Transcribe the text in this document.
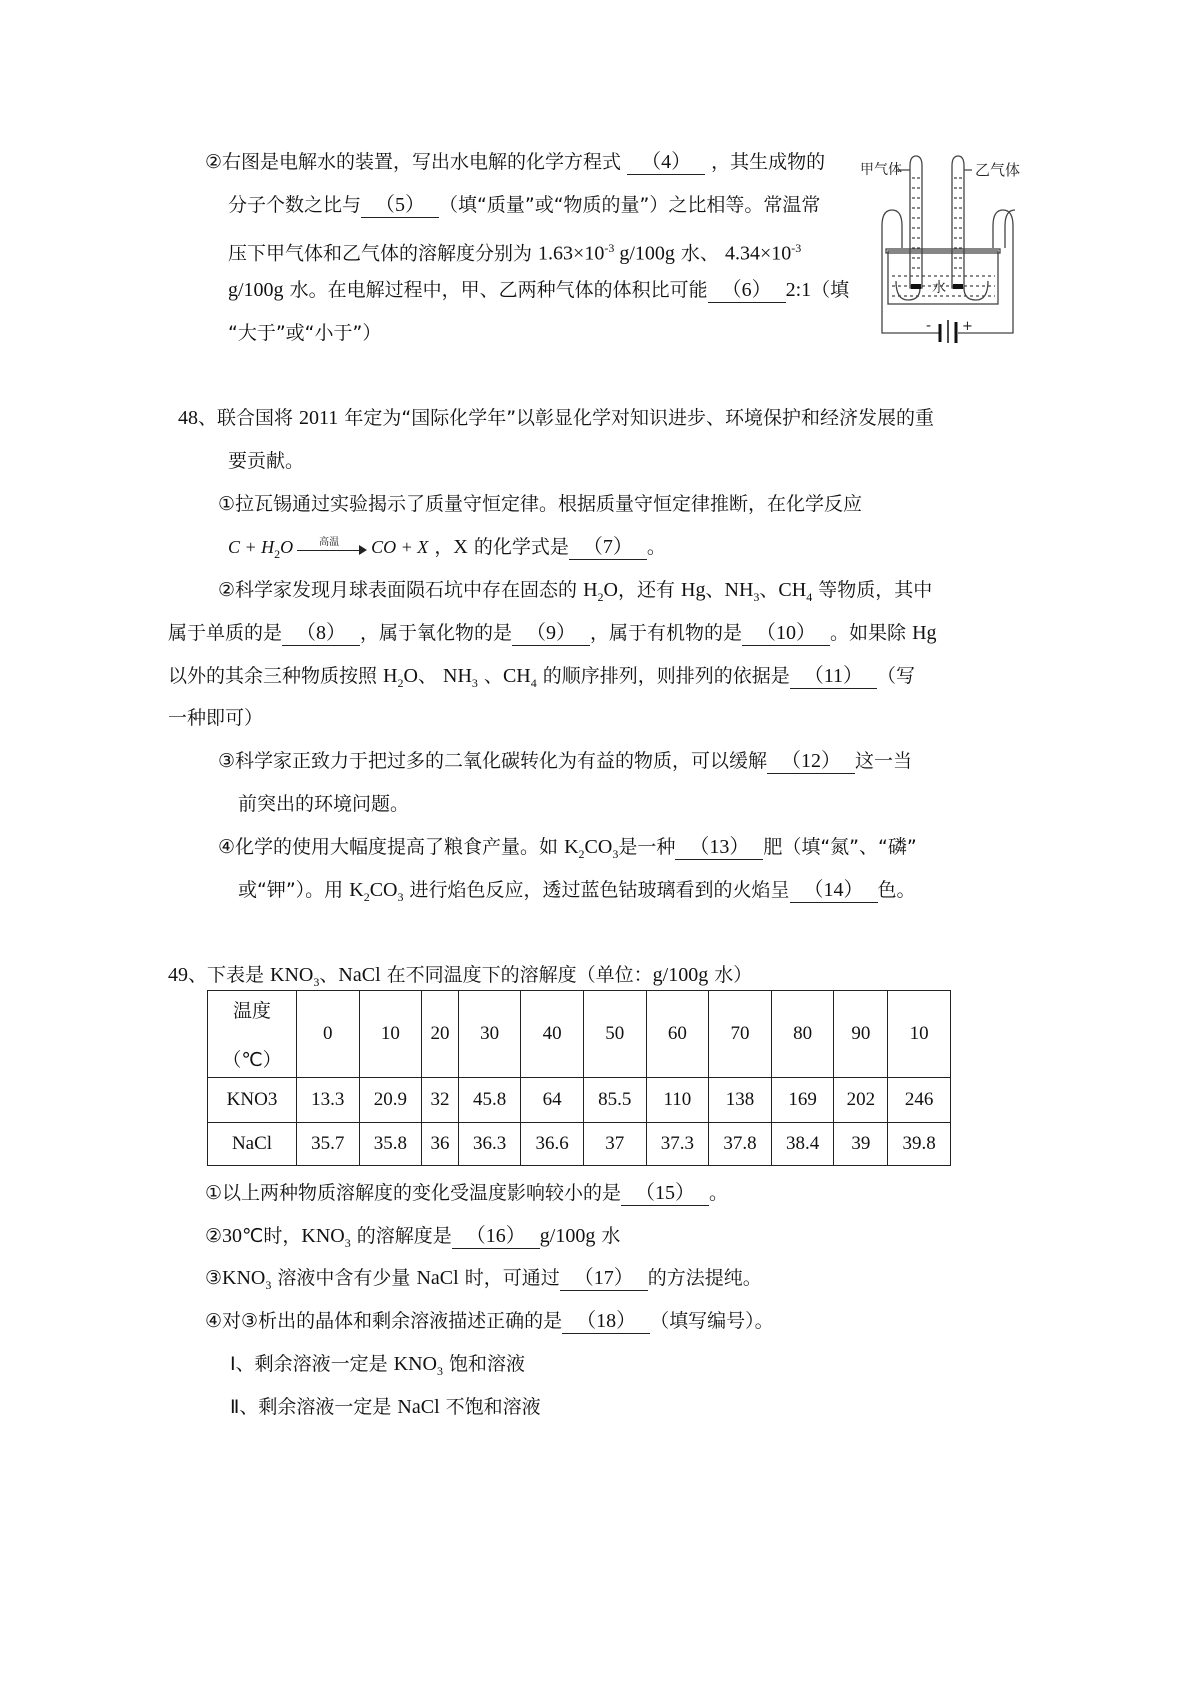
②右图是电解水的装置，写出水电解的化学方程式 （4） ，其生成物的
分子个数之比与 （5） （填“质量”或“物质的量”）之比相等。常温常
压下甲气体和乙气体的溶解度分别为 $1.63\times 10^{-3}$ g/100g 水、 $4.34\times 10^{-3}$
g/100g 水。在电解过程中，甲、乙两种气体的体积比可能 （6） 2:1（填
“大于”或“小于”）
48、联合国将 2011 年定为“国际化学年”以彰显化学对知识进步、环境保护和经济发展的重
要贡献。
①拉瓦锡通过实验揭示了质量守恒定律。根据质量守恒定律推断，在化学反应
$C + H_2O$	高温 CO + X ，X 的化学式是 （7） 。
②科学家发现月球表面陨石坑中存在固态的 $H_2O$，还有 Hg、$NH_3$、$CH_4$ 等物质，其中
属于单质的是 （8） ，属于氧化物的是 （9） ，属于有机物的是 （10） 。如果除 Hg
以外的其余三种物质按照 $H_2O$、 $NH_3$ 、$CH_4$ 的顺序排列，则排列的依据是 （11） （写
一种即可）
③科学家正致力于把过多的二氧化碳转化为有益的物质，可以缓解 （12） 这一当
前突出的环境问题。
④化学的使用大幅度提高了粮食产量。如 $K_2CO_3$是一种 （13） 肥（填“氮”、“磷”
或“钾”）。用 $K_2CO_3$ 进行焰色反应，透过蓝色钴玻璃看到的火焰呈 （14） 色。
49、下表是 $KNO_3$、NaCl 在不同温度下的溶解度（单位：g/100g 水）
①以上两种物质溶解度的变化受温度影响较小的是 （15） 。
②30℃时，$KNO_3$ 的溶解度是 （16） g/100g 水
$③KNO_3$ 溶液中含有少量 NaCl 时，可通过 （17） 的方法提纯。
④对③析出的晶体和剩余溶液描述正确的是 （18） （填写编号）。
Ⅰ、剩余溶液一定是 $KNO_3$ 饱和溶液
Ⅱ、剩余溶液一定是 NaCl 不饱和溶液
甲气体	乙气体
水
- +
温度

（℃）	0	10	20	30	40	50	60	70	80	90	10
KNO3	13.3	20.9	32	45.8	64	85.5	110	138	169	202	246
NaCl	35.7	35.8	36	36.3	36.6	37	37.3	37.8	38.4	39	39.8
